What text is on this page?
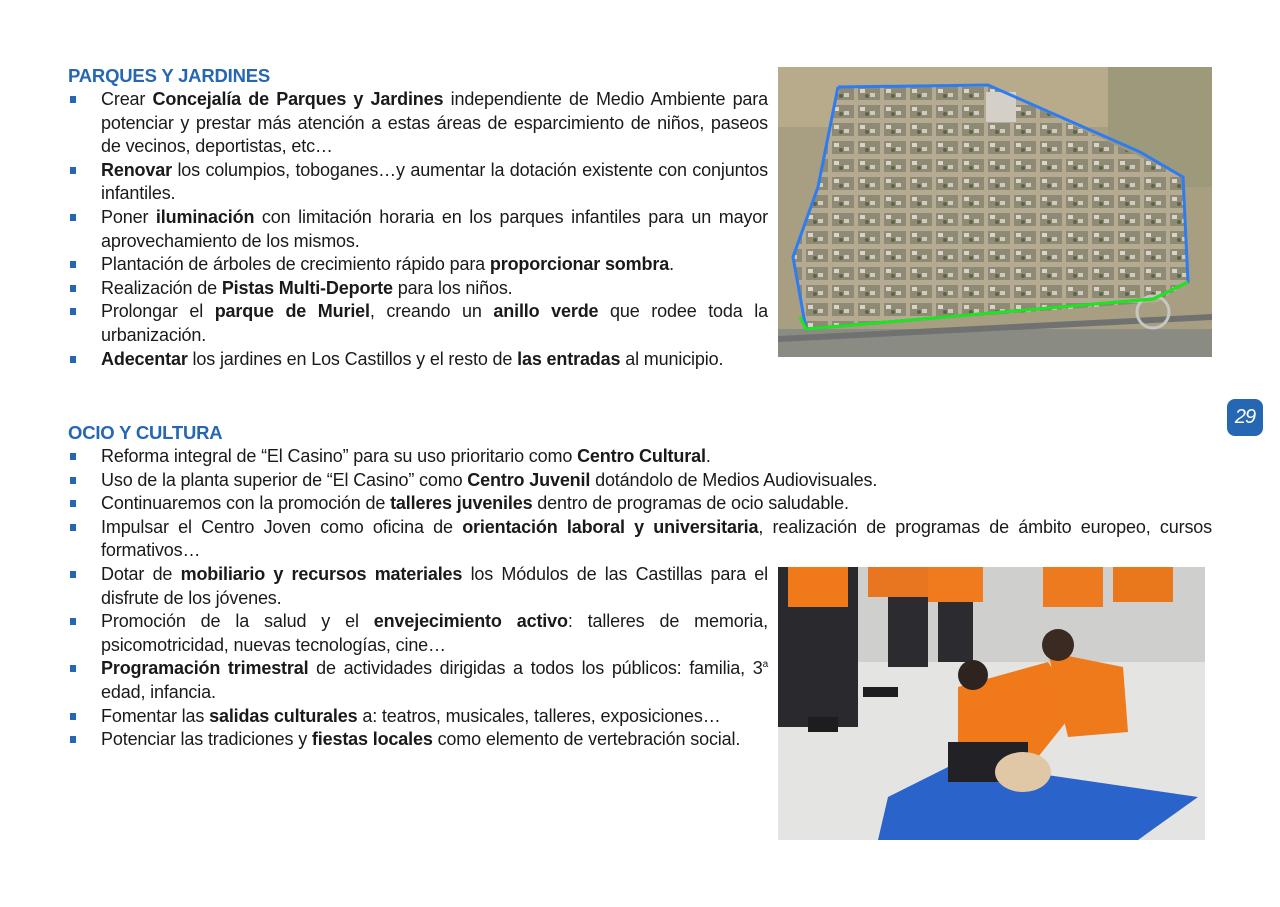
PARQUES Y JARDINES
Crear Concejalía de Parques y Jardines independiente de Medio Ambiente para potenciar y prestar más atención a estas áreas de esparcimiento de niños, paseos de vecinos, deportistas, etc…
Renovar los columpios, toboganes…y aumentar la dotación existente con conjuntos infantiles.
Poner iluminación con limitación horaria en los parques infantiles para un mayor aprovechamiento de los mismos.
Plantación de árboles de crecimiento rápido para proporcionar sombra.
Realización de Pistas Multi-Deporte para los niños.
Prolongar el parque de Muriel, creando un anillo verde que rodee toda la urbanización.
Adecentar los jardines en Los Castillos y el resto de las entradas al municipio.
OCIO Y CULTURA
Reforma integral de “El Casino” para su uso prioritario como Centro Cultural.
Uso de la planta superior de “El Casino” como Centro Juvenil dotándolo de Medios Audiovisuales.
Continuaremos con la promoción de talleres juveniles dentro de programas de ocio saludable.
Impulsar el Centro Joven como oficina de orientación laboral y universitaria, realización de programas de ámbito europeo, cursos formativos…
Dotar de mobiliario y recursos materiales los Módulos de las Castillas para el disfrute de los jóvenes.
Promoción de la salud y el envejecimiento activo: talleres de memoria, psicomotricidad, nuevas tecnologías, cine…
Programación trimestral de actividades dirigidas a todos los públicos: familia, 3$^a$ edad, infancia.
Fomentar las salidas culturales a: teatros, musicales, talleres, exposiciones…
Potenciar las tradiciones y fiestas locales como elemento de vertebración social.
29
